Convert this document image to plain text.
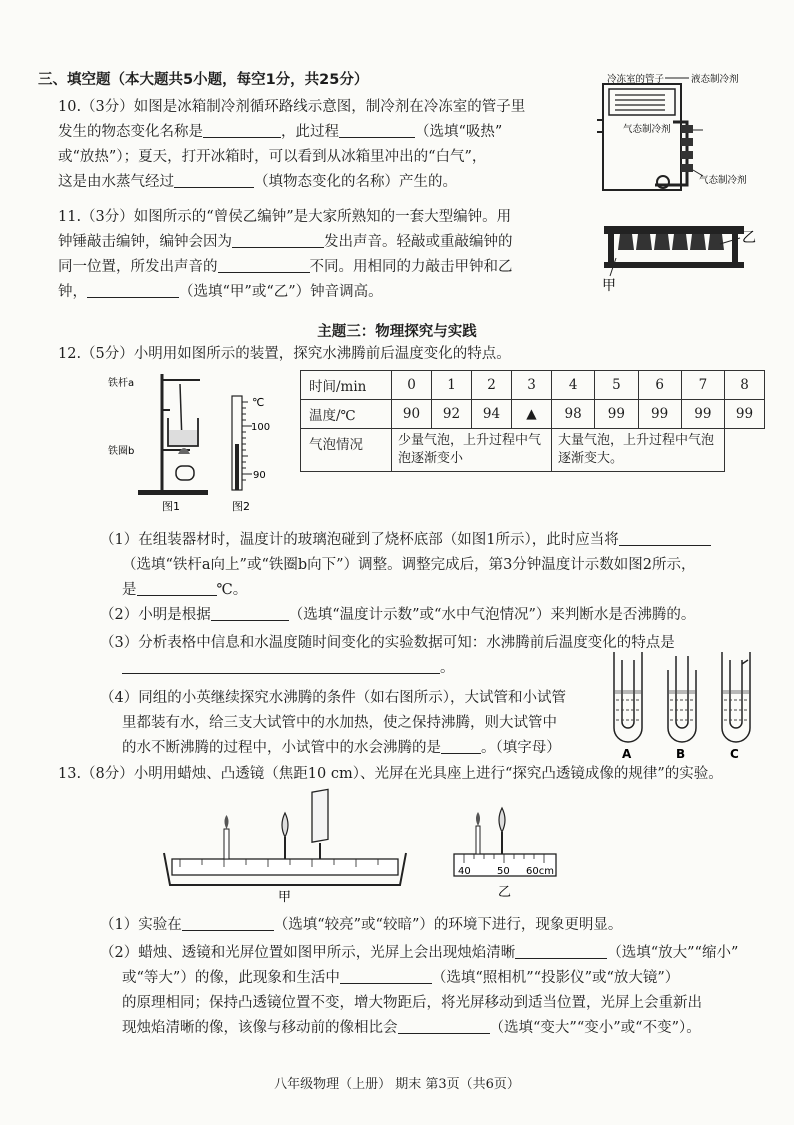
三、填空题（本大题共5小题，每空1分，共25分）
10.（3分）如图是冰箱制冷剂循环路线示意图，制冷剂在冷冻室的管子里
发生的物态变化名称是	，此过程	（选填“吸热”
或“放热”）；夏天，打开冰箱时，可以看到从冰箱里冲出的“白气”，
这是由水蒸气经过	（填物态变化的名称）产生的。
冷冻室的管子	液态制冷剂
气态制冷剂
气态制冷剂
11.（3分）如图所示的“曾侯乙编钟”是大家所熟知的一套大型编钟。用
钟锤敲击编钟，编钟会因为	发出声音。轻敲或重敲编钟的
同一位置，所发出声音的	不同。用相同的力敲击甲钟和乙
钟，	（选填“甲”或“乙”）钟音调高。
乙
甲
主题三：物理探究与实践
12.（5分）小明用如图所示的装置，探究水沸腾前后温度变化的特点。
铁杆a
铁圈b
图1
℃
100
90
图2
时间/min	0	1	2	3	4	5	6	7	8
温度/℃	90	92	94	▲	98	99	99	99	99
气泡情况	少量气泡，上升过程中气泡逐渐变小				大量气泡，上升过程中气泡逐渐变大。				
（1）在组装器材时，温度计的玻璃泡碰到了烧杯底部（如图1所示），此时应当将
（选填“铁杆a向上”或“铁圈b向下”）调整。调整完成后，第3分钟温度计示数如图2所示，
是	℃。
（2）小明是根据	（选填“温度计示数”或“水中气泡情况”）来判断水是否沸腾的。
（3）分析表格中信息和水温度随时间变化的实验数据可知：水沸腾前后温度变化的特点是
。
（4）同组的小英继续探究水沸腾的条件（如右图所示），大试管和小试管
里都装有水，给三支大试管中的水加热，使之保持沸腾，则大试管中
的水不断沸腾的过程中，小试管中的水会沸腾的是	。（填字母）	A	B	C
13.（8分）小明用蜡烛、凸透镜（焦距10 cm）、光屏在光具座上进行“探究凸透镜成像的规律”的实验。
甲
40	50 60cm
乙
（1）实验在	（选填“较亮”或“较暗”）的环境下进行，现象更明显。
（2）蜡烛、透镜和光屏位置如图甲所示，光屏上会出现烛焰清晰	（选填“放大”“缩小”
或“等大”）的像，此现象和生活中	（选填“照相机”“投影仪”或“放大镜”）
的原理相同；保持凸透镜位置不变，增大物距后，将光屏移动到适当位置，光屏上会重新出
现烛焰清晰的像，该像与移动前的像相比会	（选填“变大”“变小”或“不变”）。
八年级物理（上册） 期末 第3页（共6页）
